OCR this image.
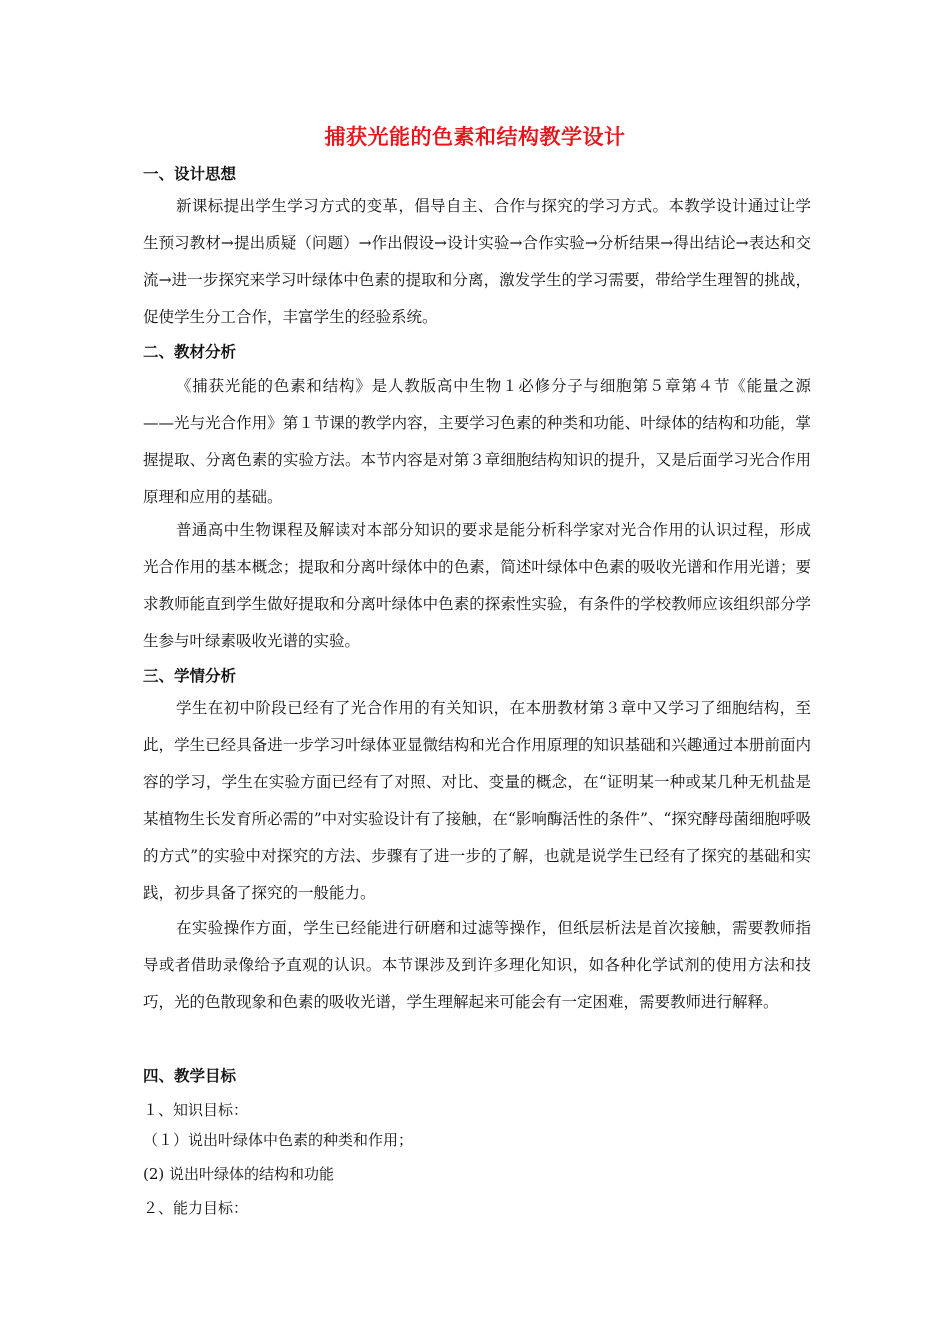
捕获光能的色素和结构教学设计
一、设计思想
新课标提出学生学习方式的变革，倡导自主、合作与探究的学习方式。本教学设计通过让学生预习教材→提出质疑（问题）→作出假设→设计实验→合作实验→分析结果→得出结论→表达和交流→进一步探究来学习叶绿体中色素的提取和分离，激发学生的学习需要，带给学生理智的挑战，促使学生分工合作，丰富学生的经验系统。
二、教材分析
《捕获光能的色素和结构》是人教版高中生物１必修分子与细胞第５章第４节《能量之源——光与光合作用》第１节课的教学内容，主要学习色素的种类和功能、叶绿体的结构和功能，掌握提取、分离色素的实验方法。本节内容是对第３章细胞结构知识的提升，又是后面学习光合作用原理和应用的基础。
普通高中生物课程及解读对本部分知识的要求是能分析科学家对光合作用的认识过程，形成光合作用的基本概念；提取和分离叶绿体中的色素，简述叶绿体中色素的吸收光谱和作用光谱；要求教师能直到学生做好提取和分离叶绿体中色素的探索性实验，有条件的学校教师应该组织部分学生参与叶绿素吸收光谱的实验。
三、学情分析
学生在初中阶段已经有了光合作用的有关知识，在本册教材第３章中又学习了细胞结构，至此，学生已经具备进一步学习叶绿体亚显微结构和光合作用原理的知识基础和兴趣通过本册前面内容的学习，学生在实验方面已经有了对照、对比、变量的概念，在“证明某一种或某几种无机盐是某植物生长发育所必需的”中对实验设计有了接触，在“影响酶活性的条件”、“探究酵母菌细胞呼吸的方式”的实验中对探究的方法、步骤有了进一步的了解，也就是说学生已经有了探究的基础和实践，初步具备了探究的一般能力。
在实验操作方面，学生已经能进行研磨和过滤等操作，但纸层析法是首次接触，需要教师指导或者借助录像给予直观的认识。本节课涉及到许多理化知识，如各种化学试剂的使用方法和技巧，光的色散现象和色素的吸收光谱，学生理解起来可能会有一定困难，需要教师进行解释。
四、教学目标
１、知识目标：
（１）说出叶绿体中色素的种类和作用；
(2) 说出叶绿体的结构和功能
２、能力目标：
